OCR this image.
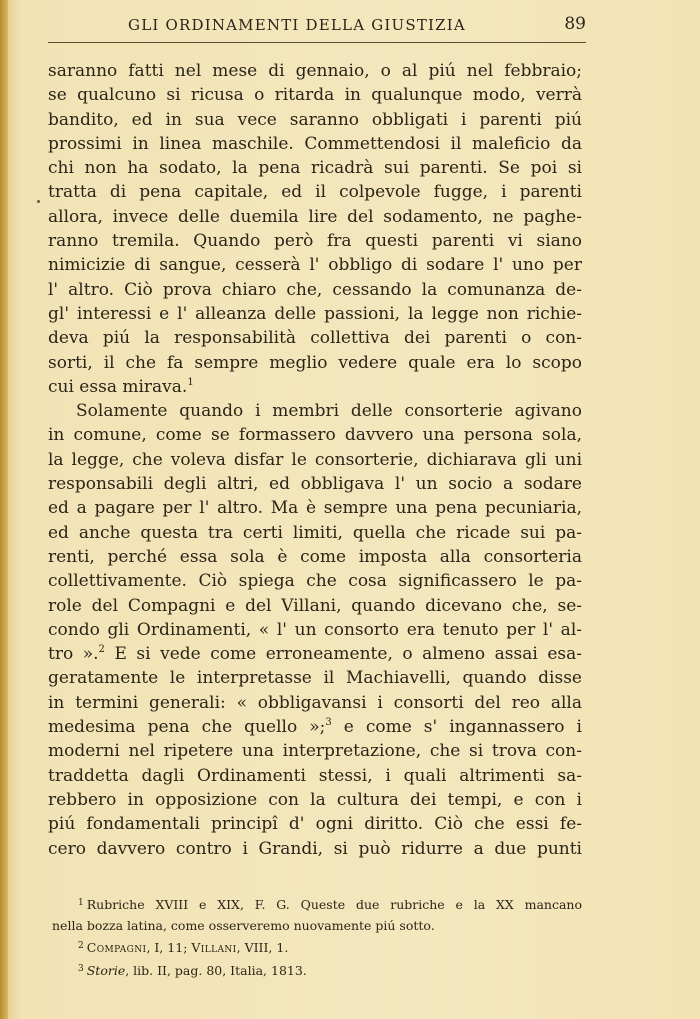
GLI ORDINAMENTI DELLA GIUSTIZIA	89
saranno fatti nel mese di gennaio, o al piú nel febbraio;
se qualcuno si ricusa o ritarda in qualunque modo, verrà
bandito, ed in sua vece saranno obbligati i parenti piú
prossimi in linea maschile. Commettendosi il maleficio da
chi non ha sodato, la pena ricadrà sui parenti. Se poi si
tratta di pena capitale, ed il colpevole fugge, i parenti
allora, invece delle duemila lire del sodamento, ne paghe-
ranno tremila. Quando però fra questi parenti vi siano
nimicizie di sangue, cesserà l' obbligo di sodare l' uno per
l' altro. Ciò prova chiaro che, cessando la comunanza de-
gl' interessi e l' alleanza delle passioni, la legge non richie-
deva piú la responsabilità collettiva dei parenti o con-
sorti, il che fa sempre meglio vedere quale era lo scopo
cui essa mirava.$^1$
Solamente quando i membri delle consorterie agivano
in comune, come se formassero davvero una persona sola,
la legge, che voleva disfar le consorterie, dichiarava gli uni
responsabili degli altri, ed obbligava l' un socio a sodare
ed a pagare per l' altro. Ma è sempre una pena pecuniaria,
ed anche questa tra certi limiti, quella che ricade sui pa-
renti, perché essa sola è come imposta alla consorteria
collettivamente. Ciò spiega che cosa significassero le pa-
role del Compagni e del Villani, quando dicevano che, se-
condo gli Ordinamenti, « l' un consorto era tenuto per l' al-
tro ».$^2$ E si vede come erroneamente, o almeno assai esa-
geratamente le interpretasse il Machiavelli, quando disse
in termini generali: « obbligavansi i consorti del reo alla
medesima pena che quello »;$^3$ e come s' ingannassero i
moderni nel ripetere una interpretazione, che si trova con-
traddetta dagli Ordinamenti stessi, i quali altrimenti sa-
rebbero in opposizione con la cultura dei tempi, e con i
piú fondamentali principî d' ogni diritto. Ciò che essi fe-
cero davvero contro i Grandi, si può ridurre a due punti
$^1$ Rubriche XVIII e XIX, F. G. Queste due rubriche e la XX mancano
nella bozza latina, come osserveremo nuovamente piú sotto.
$^2$ Compagni, I, 11; Villani, VIII, 1.
$^3$ Storie, lib. II, pag. 80, Italia, 1813.
